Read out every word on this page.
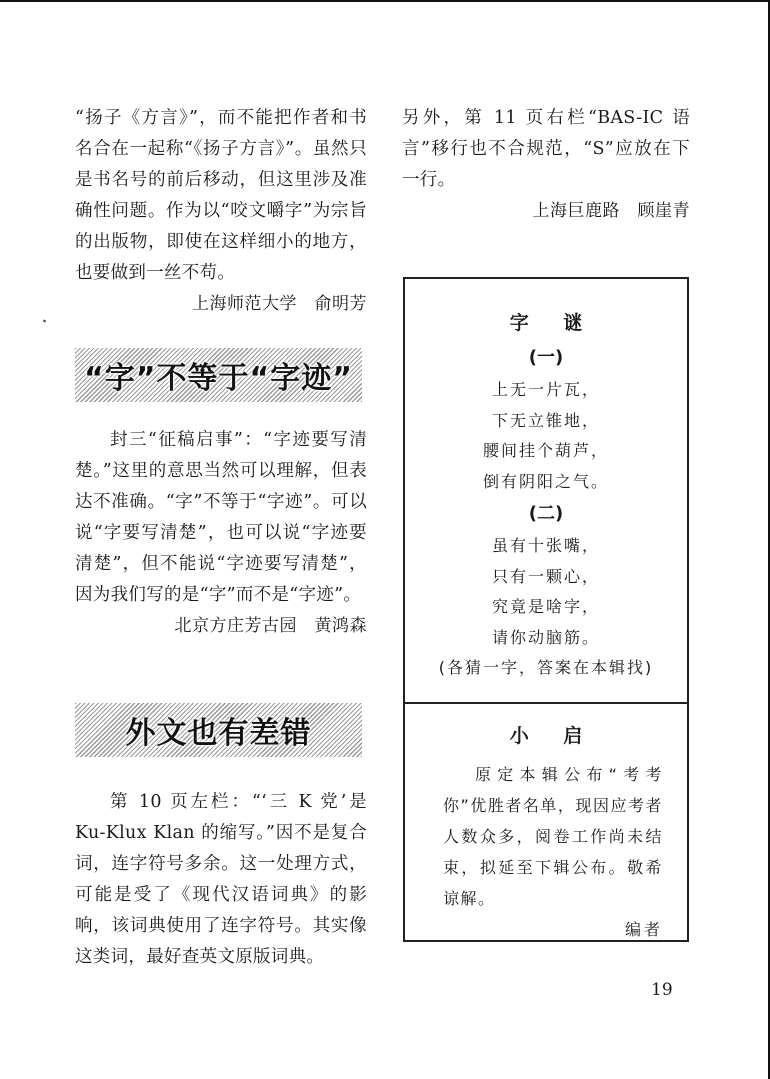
“扬子《方言》”，而不能把作者和书名合在一起称“《扬子方言》”。虽然只是书名号的前后移动，但这里涉及准确性问题。作为以“咬文嚼字”为宗旨的出版物，即使在这样细小的地方，也要做到一丝不苟。

上海师范大学　俞明芳

“字”不等于“字迹”

封三“征稿启事”：“字迹要写清楚。”这里的意思当然可以理解，但表达不准确。“字”不等于“字迹”。可以说“字要写清楚”，也可以说“字迹要清楚”，但不能说“字迹要写清楚”，因为我们写的是“字”而不是“字迹”。

北京方庄芳古园　黄鸿森

外文也有差错

第 10 页左栏：“‘三 K 党’是 Ku-Klux Klan 的缩写。”因不是复合词，连字符号多余。这一处理方式，可能是受了《现代汉语词典》的影响，该词典使用了连字符号。其实像这类词，最好查英文原版词典。

另外，第 11 页右栏“BAS-IC 语言”移行也不合规范，“S”应放在下一行。

上海巨鹿路　顾崖青

字 谜

(一)

上无一片瓦，

下无立锥地，

腰间挂个葫芦，

倒有阴阳之气。

(二)

虽有十张嘴，

只有一颗心，

究竟是啥字，

请你动脑筋。

(各猜一字，答案在本辑找)

小 启

原定本辑公布“考考你”优胜者名单，现因应考者人数众多，阅卷工作尚未结束，拟延至下辑公布。敬希谅解。

编者

19
